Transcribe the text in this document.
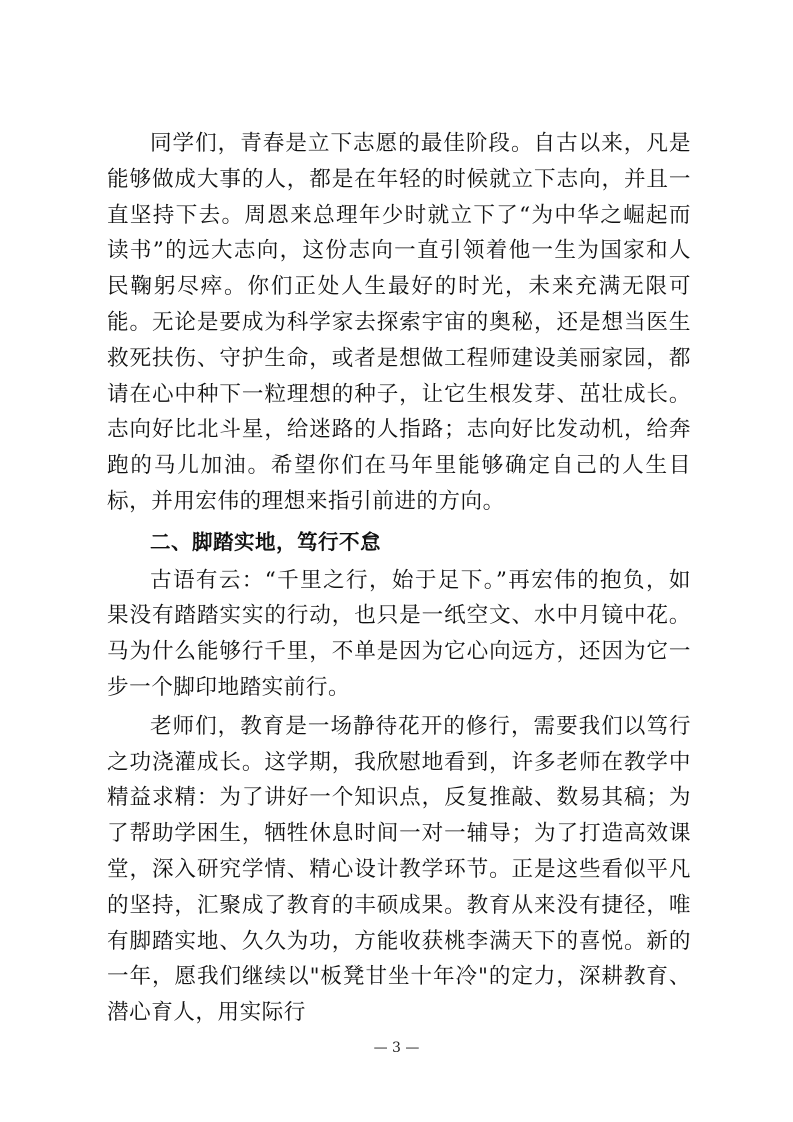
同学们，青春是立下志愿的最佳阶段。自古以来，凡是能够做成大事的人，都是在年轻的时候就立下志向，并且一直坚持下去。周恩来总理年少时就立下了“为中华之崛起而读书”的远大志向，这份志向一直引领着他一生为国家和人民鞠躬尽瘁。你们正处人生最好的时光，未来充满无限可能。无论是要成为科学家去探索宇宙的奥秘，还是想当医生救死扶伤、守护生命，或者是想做工程师建设美丽家园，都请在心中种下一粒理想的种子，让它生根发芽、茁壮成长。志向好比北斗星，给迷路的人指路；志向好比发动机，给奔跑的马儿加油。希望你们在马年里能够确定自己的人生目标，并用宏伟的理想来指引前进的方向。

二、脚踏实地，笃行不怠

古语有云：“千里之行，始于足下。”再宏伟的抱负，如果没有踏踏实实的行动，也只是一纸空文、水中月镜中花。马为什么能够行千里，不单是因为它心向远方，还因为它一步一个脚印地踏实前行。

老师们，教育是一场静待花开的修行，需要我们以笃行之功浇灌成长。这学期，我欣慰地看到，许多老师在教学中精益求精：为了讲好一个知识点，反复推敲、数易其稿；为了帮助学困生，牺牲休息时间一对一辅导；为了打造高效课堂，深入研究学情、精心设计教学环节。正是这些看似平凡的坚持，汇聚成了教育的丰硕成果。教育从来没有捷径，唯有脚踏实地、久久为功，方能收获桃李满天下的喜悦。新的一年，愿我们继续以"板凳甘坐十年冷"的定力，深耕教育、潜心育人，用实际行

— 3 —
